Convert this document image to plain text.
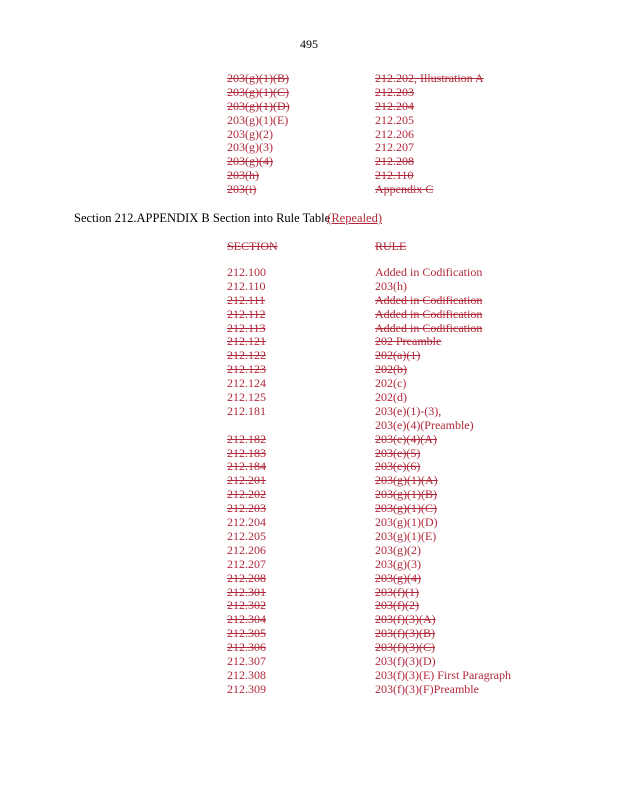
495
203(g)(1)(B)	212.202, Illustration A
203(g)(1)(C)	212.203
203(g)(1)(D)	212.204
203(g)(1)(E)	212.205
203(g)(2)	212.206
203(g)(3)	212.207
203(g)(4)	212.208
203(h)	212.110
203(i)	Appendix C
Section 212.APPENDIX B Section into Rule Table(Repealed)
SECTION	RULE
212.100	Added in Codification
212.110	203(h)
212.111	Added in Codification
212.112	Added in Codification
212.113	Added in Codification
212.121	202 Preamble
212.122	202(a)(1)
212.123	202(b)
212.124	202(c)
212.125	202(d)
212.181	203(e)(1)-(3),
203(e)(4)(Preamble)
212.182	203(e)(4)(A)
212.183	203(e)(5)
212.184	203(e)(6)
212.201	203(g)(1)(A)
212.202	203(g)(1)(B)
212.203	203(g)(1)(C)
212.204	203(g)(1)(D)
212.205	203(g)(1)(E)
212.206	203(g)(2)
212.207	203(g)(3)
212.208	203(g)(4)
212.301	203(f)(1)
212.302	203(f)(2)
212.304	203(f)(3)(A)
212.305	203(f)(3)(B)
212.306	203(f)(3)(C)
212.307	203(f)(3)(D)
212.308	203(f)(3)(E) First Paragraph
212.309	203(f)(3)(F)Preamble
